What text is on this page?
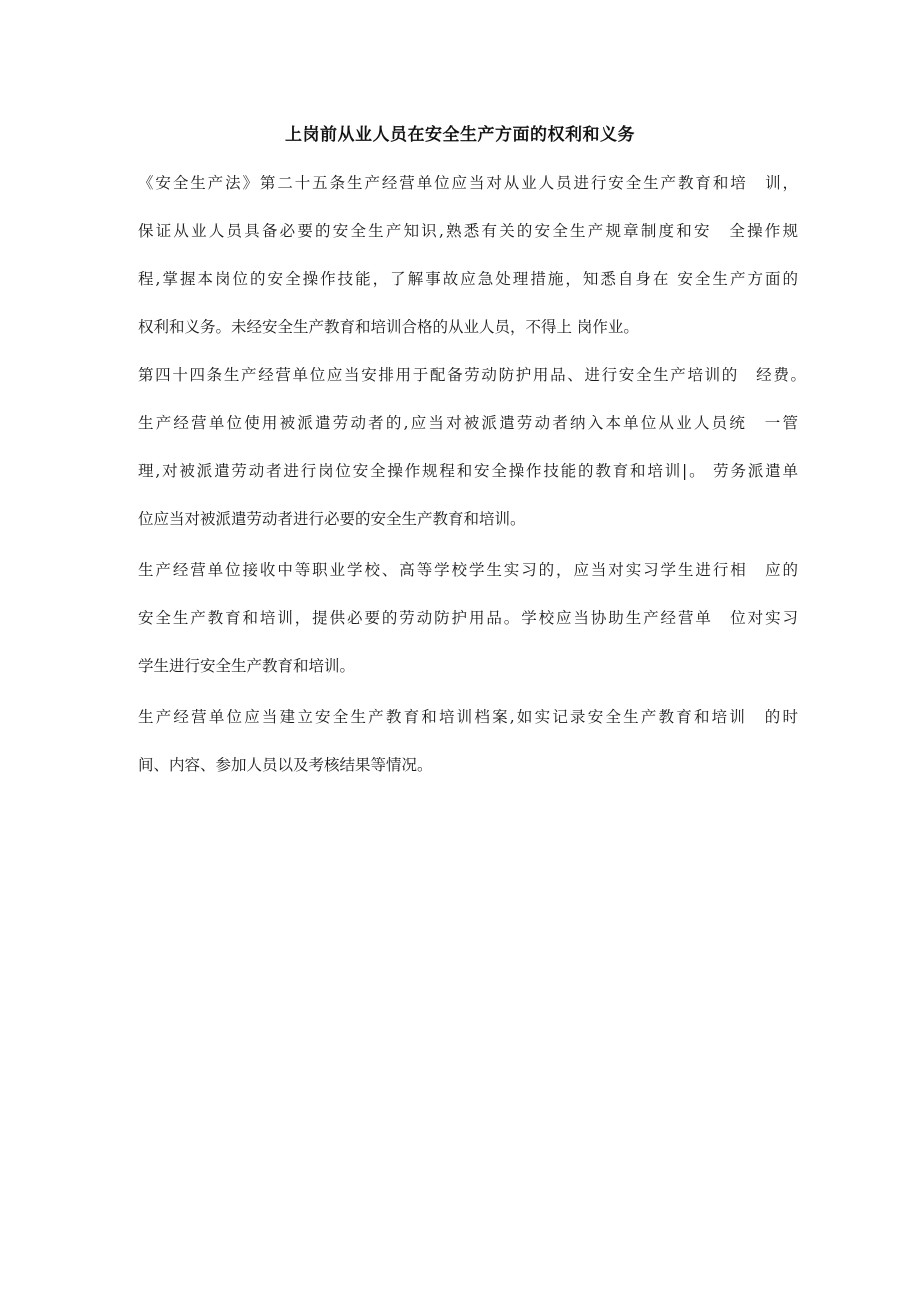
上岗前从业人员在安全生产方面的权利和义务
《安全生产法》第二十五条生产经营单位应当对从业人员进行安全生产教育和培　训，
保证从业人员具备必要的安全生产知识,熟悉有关的安全生产规章制度和安　全操作规
程,掌握本岗位的安全操作技能，了解事故应急处理措施，知悉自身在 安全生产方面的
权利和义务。未经安全生产教育和培训合格的从业人员，不得上 岗作业。
第四十四条生产经营单位应当安排用于配备劳动防护用品、进行安全生产培训的　经费。
生产经营单位使用被派遣劳动者的,应当对被派遣劳动者纳入本单位从业人员统　一管
理,对被派遣劳动者进行岗位安全操作规程和安全操作技能的教育和培训|。 劳务派遣单
位应当对被派遣劳动者进行必要的安全生产教育和培训。
生产经营单位接收中等职业学校、高等学校学生实习的，应当对实习学生进行相　应的
安全生产教育和培训，提供必要的劳动防护用品。学校应当协助生产经营单　位对实习
学生进行安全生产教育和培训。
生产经营单位应当建立安全生产教育和培训档案,如实记录安全生产教育和培训　的时
间、内容、参加人员以及考核结果等情况。
